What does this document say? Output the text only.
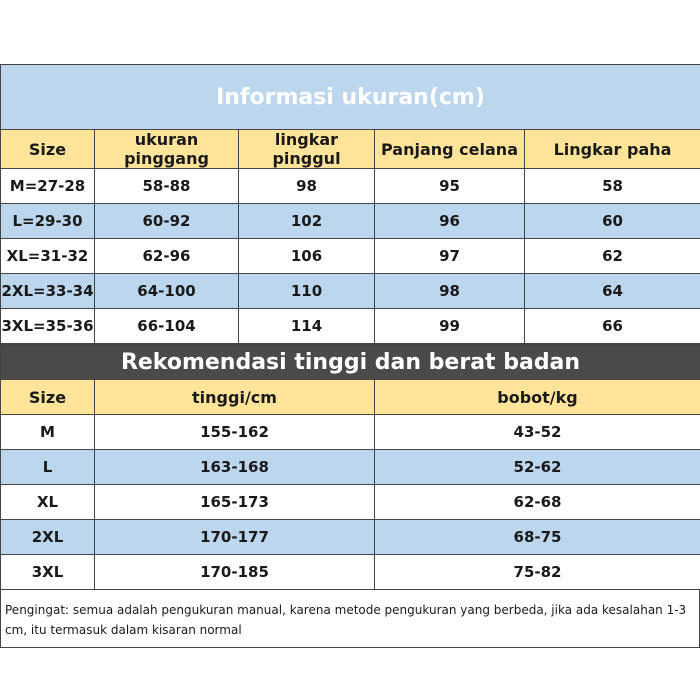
Informasi ukuran(cm)				
Size	ukuran pinggang	lingkar pinggul	Panjang celana	Lingkar paha
M=27-28	58-88	98	95	58
L=29-30	60-92	102	96	60
XL=31-32	62-96	106	97	62
2XL=33-34	64-100	110	98	64
3XL=35-36	66-104	114	99	66
Rekomendasi tinggi dan berat badan		
Size	tinggi/cm	bobot/kg
M	155-162	43-52
L	163-168	52-62
XL	165-173	62-68
2XL	170-177	68-75
3XL	170-185	75-82
Pengingat: semua adalah pengukuran manual, karena metode pengukuran yang berbeda, jika ada kesalahan 1-3 cm, itu termasuk dalam kisaran normal
